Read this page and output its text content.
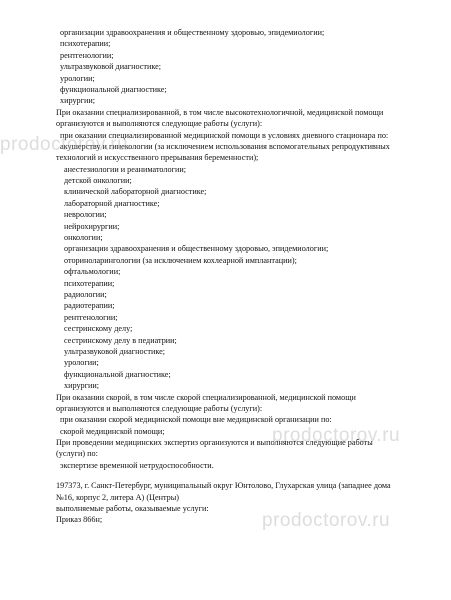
организации здравоохранения и общественному здоровью, эпидемиологии;
психотерапии;
рентгенологии;
ультразвуковой диагностике;
урологии;
функциональной диагностике;
хирургии;
При оказании специализированной, в том числе высокотехнологичной, медицинской помощи
организуются и выполняются следующие работы (услуги):
при оказании специализированной медицинской помощи в условиях дневного стационара по:
акушерству и гинекологии (за исключением использования вспомогательных репродуктивных
технологий и искусственного прерывания беременности);
анестезиологии и реаниматологии;
детской онкологии;
клинической лабораторной диагностике;
лабораторной диагностике;
неврологии;
нейрохирургии;
онкологии;
организации здравоохранения и общественному здоровью, эпидемиологии;
оториноларингологии (за исключением кохлеарной имплантации);
офтальмологии;
психотерапии;
радиологии;
радиотерапии;
рентгенологии;
сестринскому делу;
сестринскому делу в педиатрии;
ультразвуковой диагностике;
урологии;
функциональной диагностике;
хирургии;
При оказании скорой, в том числе скорой специализированной, медицинской помощи
организуются и выполняются следующие работы (услуги):
при оказании скорой медицинской помощи вне медицинской организации по:
скорой медицинской помощи;
При проведении медицинских экспертиз организуются и выполняются следующие работы
(услуги) по:
экспертизе временной нетрудоспособности.
197373, г. Санкт-Петербург, муниципальный округ Юнтолово, Глухарская улица (западнее дома
№16, корпус 2, литера А) (Центры)
выполняемые работы, оказываемые услуги:
Приказ 866н;
prodoctorov.ru
prodoctorov.ru
prodoctorov.ru
